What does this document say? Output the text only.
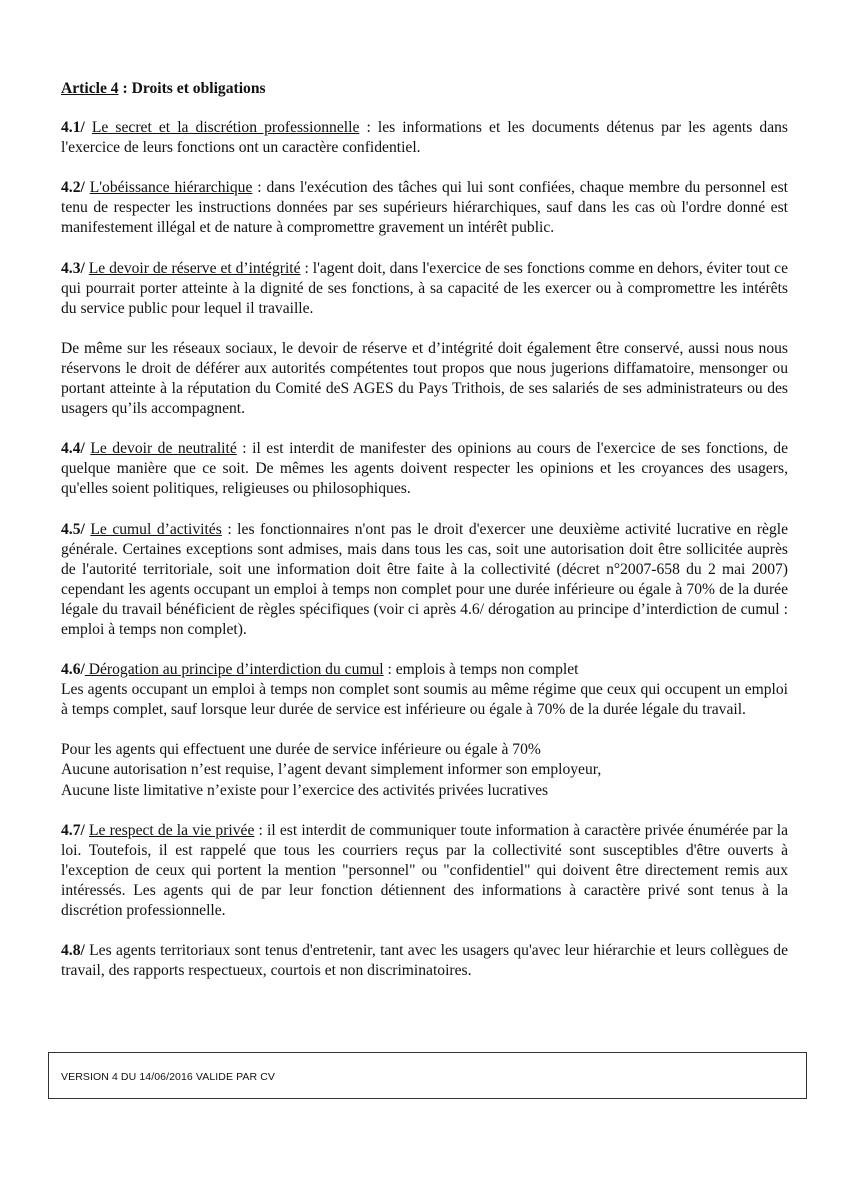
Article 4 : Droits et obligations

4.1/ Le secret et la discrétion professionnelle : les informations et les documents détenus par les agents dans l'exercice de leurs fonctions ont un caractère confidentiel.

4.2/ L'obéissance hiérarchique : dans l'exécution des tâches qui lui sont confiées, chaque membre du personnel est tenu de respecter les instructions données par ses supérieurs hiérarchiques, sauf dans les cas où l'ordre donné est manifestement illégal et de nature à compromettre gravement un intérêt public.

4.3/ Le devoir de réserve et d’intégrité : l'agent doit, dans l'exercice de ses fonctions comme en dehors, éviter tout ce qui pourrait porter atteinte à la dignité de ses fonctions, à sa capacité de les exercer ou à compromettre les intérêts du service public pour lequel il travaille.

De même sur les réseaux sociaux, le devoir de réserve et d’intégrité doit également être conservé, aussi nous nous réservons le droit de déférer aux autorités compétentes tout propos que nous jugerions diffamatoire, mensonger ou portant atteinte à la réputation du Comité deS AGES du Pays Trithois, de ses salariés de ses administrateurs ou des usagers qu’ils accompagnent.

4.4/ Le devoir de neutralité : il est interdit de manifester des opinions au cours de l'exercice de ses fonctions, de quelque manière que ce soit. De mêmes les agents doivent respecter les opinions et les croyances des usagers, qu'elles soient politiques, religieuses ou philosophiques.

4.5/ Le cumul d’activités : les fonctionnaires n'ont pas le droit d'exercer une deuxième activité lucrative en règle générale. Certaines exceptions sont admises, mais dans tous les cas, soit une autorisation doit être sollicitée auprès de l'autorité territoriale, soit une information doit être faite à la collectivité (décret n°2007-658 du 2 mai 2007) cependant les agents occupant un emploi à temps non complet pour une durée inférieure ou égale à 70% de la durée légale du travail bénéficient de règles spécifiques (voir ci après 4.6/ dérogation au principe d’interdiction de cumul : emploi à temps non complet).

4.6/ Dérogation au principe d’interdiction du cumul : emplois à temps non complet

Les agents occupant un emploi à temps non complet sont soumis au même régime que ceux qui occupent un emploi à temps complet, sauf lorsque leur durée de service est inférieure ou égale à 70% de la durée légale du travail.

Pour les agents qui effectuent une durée de service inférieure ou égale à 70%
Aucune autorisation n’est requise, l’agent devant simplement informer son employeur,
Aucune liste limitative n’existe pour l’exercice des activités privées lucratives

4.7/ Le respect de la vie privée : il est interdit de communiquer toute information à caractère privée énumérée par la loi. Toutefois, il est rappelé que tous les courriers reçus par la collectivité sont susceptibles d'être ouverts à l'exception de ceux qui portent la mention "personnel" ou "confidentiel" qui doivent être directement remis aux intéressés. Les agents qui de par leur fonction détiennent des informations à caractère privé sont tenus à la discrétion professionnelle.

4.8/ Les agents territoriaux sont tenus d'entretenir, tant avec les usagers qu'avec leur hiérarchie et leurs collègues de travail, des rapports respectueux, courtois et non discriminatoires.

VERSION 4 DU 14/06/2016 VALIDE PAR CV
